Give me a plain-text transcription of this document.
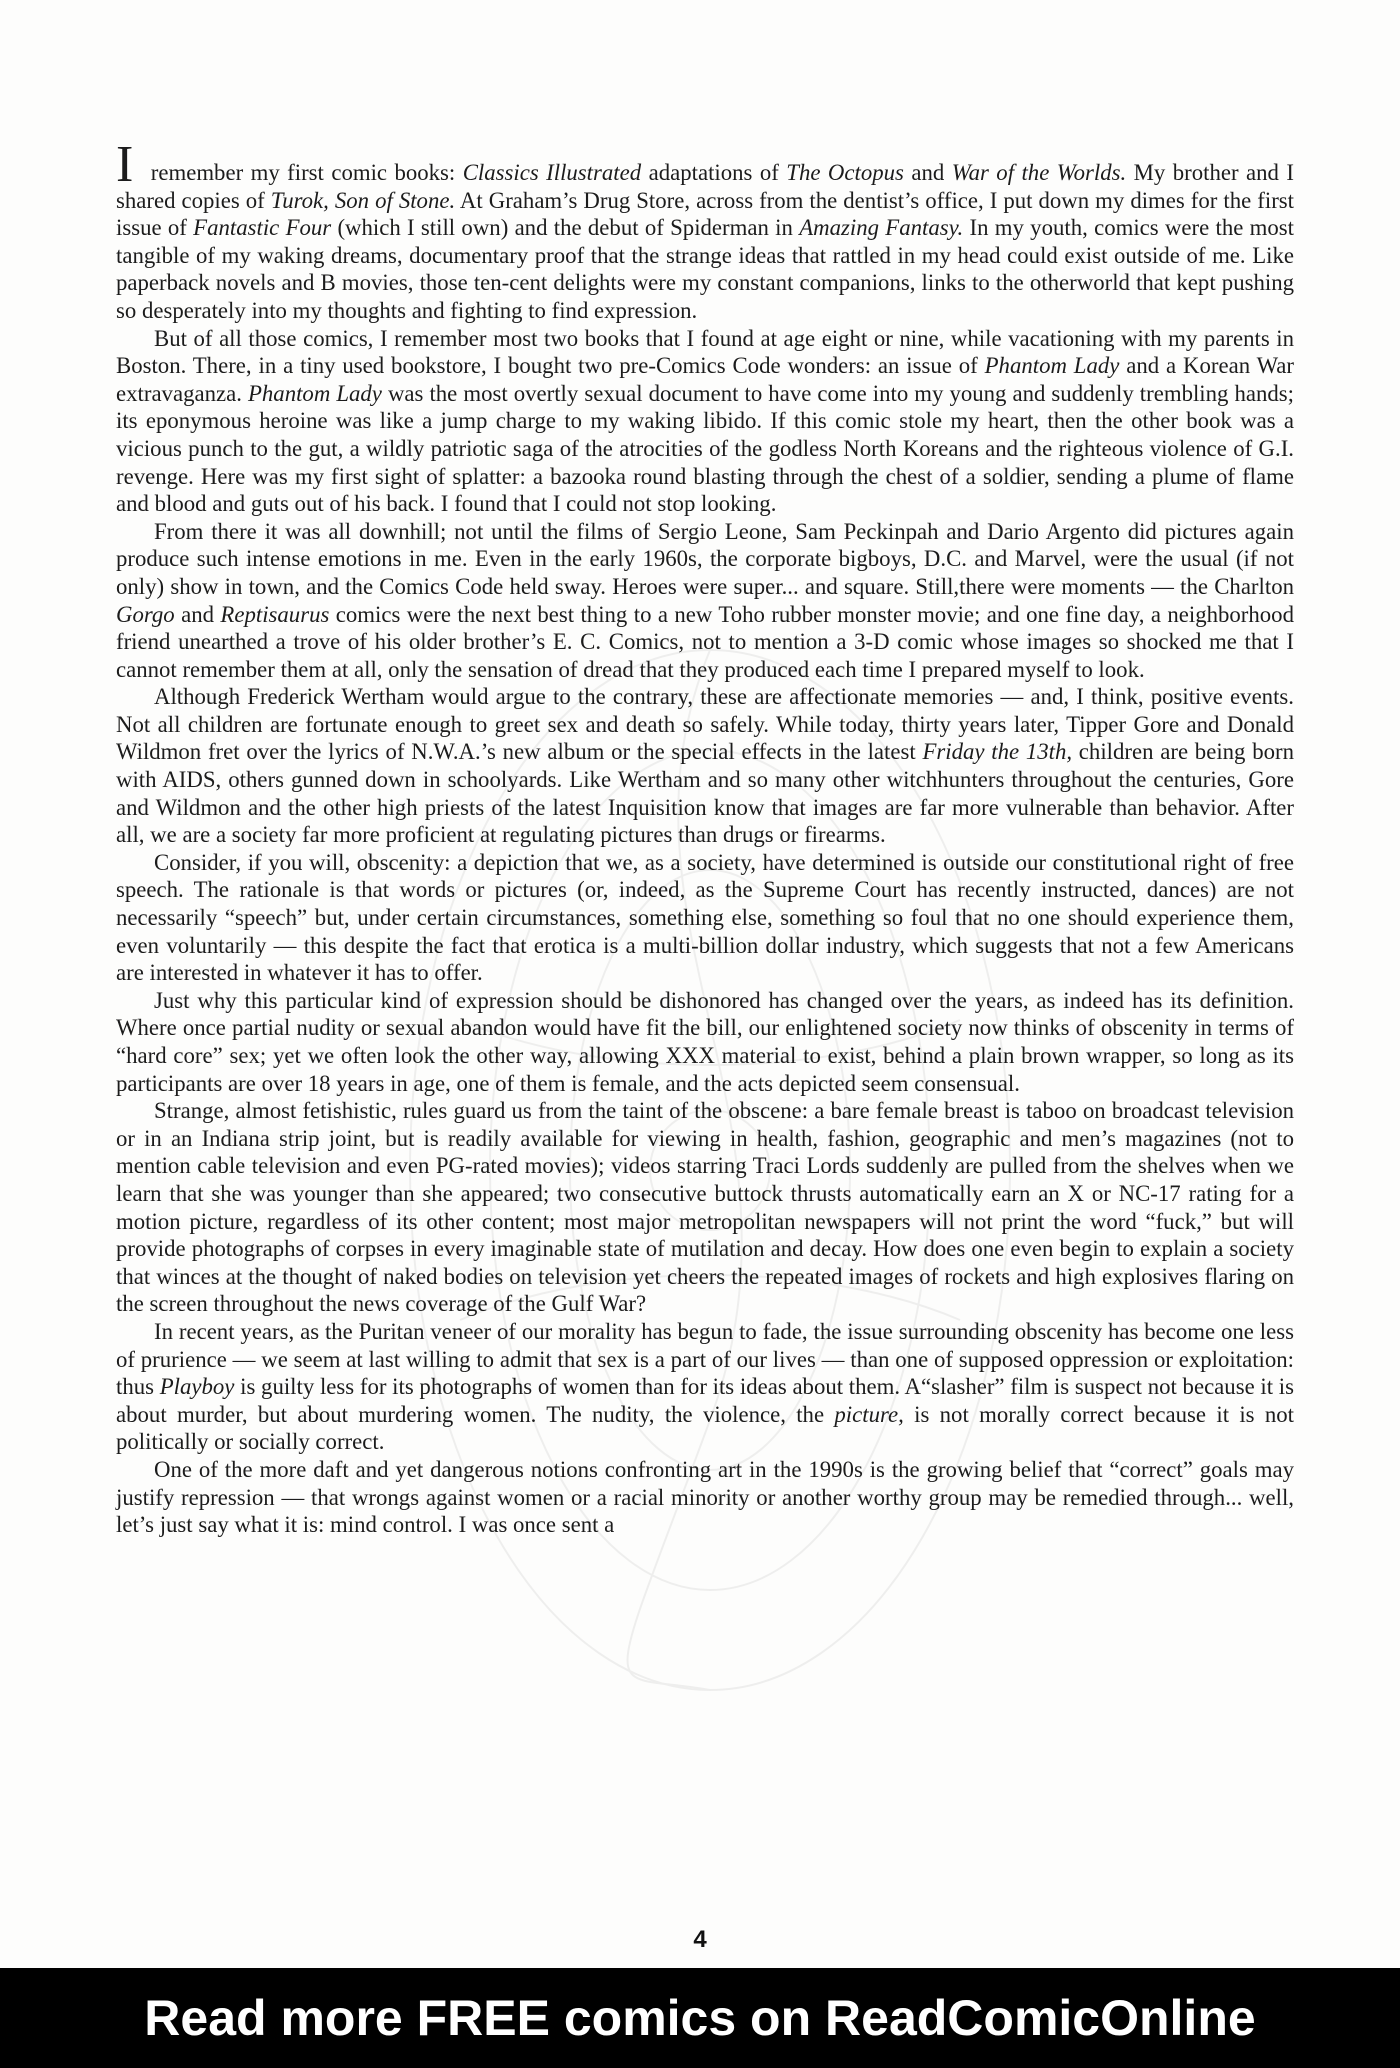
I remember my first comic books: Classics Illustrated adaptations of The Octopus and War of the Worlds. My brother and I shared copies of Turok, Son of Stone. At Graham’s Drug Store, across from the dentist’s office, I put down my dimes for the first issue of Fantastic Four (which I still own) and the debut of Spiderman in Amazing Fantasy. In my youth, comics were the most tangible of my waking dreams, documentary proof that the strange ideas that rattled in my head could exist outside of me. Like paperback novels and B movies, those ten-cent delights were my constant companions, links to the otherworld that kept pushing so desperately into my thoughts and fighting to find expression.

But of all those comics, I remember most two books that I found at age eight or nine, while vacationing with my parents in Boston. There, in a tiny used bookstore, I bought two pre-Comics Code wonders: an issue of Phantom Lady and a Korean War extravaganza. Phantom Lady was the most overtly sexual document to have come into my young and suddenly trembling hands; its eponymous heroine was like a jump charge to my waking libido. If this comic stole my heart, then the other book was a vicious punch to the gut, a wildly patriotic saga of the atrocities of the godless North Koreans and the righteous violence of G.I. revenge. Here was my first sight of splatter: a bazooka round blasting through the chest of a soldier, sending a plume of flame and blood and guts out of his back. I found that I could not stop looking.

From there it was all downhill; not until the films of Sergio Leone, Sam Peckinpah and Dario Argento did pictures again produce such intense emotions in me. Even in the early 1960s, the corporate bigboys, D.C. and Marvel, were the usual (if not only) show in town, and the Comics Code held sway. Heroes were super... and square. Still,there were moments — the Charlton Gorgo and Reptisaurus comics were the next best thing to a new Toho rubber monster movie; and one fine day, a neighborhood friend unearthed a trove of his older brother’s E. C. Comics, not to mention a 3-D comic whose images so shocked me that I cannot remember them at all, only the sensation of dread that they produced each time I prepared myself to look.

Although Frederick Wertham would argue to the contrary, these are affectionate memories — and, I think, positive events. Not all children are fortunate enough to greet sex and death so safely. While today, thirty years later, Tipper Gore and Donald Wildmon fret over the lyrics of N.W.A.’s new album or the special effects in the latest Friday the 13th, children are being born with AIDS, others gunned down in schoolyards. Like Wertham and so many other witchhunters throughout the centuries, Gore and Wildmon and the other high priests of the latest Inquisition know that images are far more vulnerable than behavior. After all, we are a society far more proficient at regulating pictures than drugs or firearms.

Consider, if you will, obscenity: a depiction that we, as a society, have determined is outside our constitutional right of free speech. The rationale is that words or pictures (or, indeed, as the Supreme Court has recently instructed, dances) are not necessarily “speech” but, under certain circumstances, something else, something so foul that no one should experience them, even voluntarily — this despite the fact that erotica is a multi-billion dollar industry, which suggests that not a few Americans are interested in whatever it has to offer.

Just why this particular kind of expression should be dishonored has changed over the years, as indeed has its definition. Where once partial nudity or sexual abandon would have fit the bill, our enlightened society now thinks of obscenity in terms of “hard core” sex; yet we often look the other way, allowing XXX material to exist, behind a plain brown wrapper, so long as its participants are over 18 years in age, one of them is female, and the acts depicted seem consensual.

Strange, almost fetishistic, rules guard us from the taint of the obscene: a bare female breast is taboo on broadcast television or in an Indiana strip joint, but is readily available for viewing in health, fashion, geographic and men’s magazines (not to mention cable television and even PG-rated movies); videos starring Traci Lords suddenly are pulled from the shelves when we learn that she was younger than she appeared; two consecutive buttock thrusts automatically earn an X or NC-17 rating for a motion picture, regardless of its other content; most major metropolitan newspapers will not print the word “fuck,” but will provide photographs of corpses in every imaginable state of mutilation and decay. How does one even begin to explain a society that winces at the thought of naked bodies on television yet cheers the repeated images of rockets and high explosives flaring on the screen throughout the news coverage of the Gulf War?

In recent years, as the Puritan veneer of our morality has begun to fade, the issue surrounding obscenity has become one less of prurience — we seem at last willing to admit that sex is a part of our lives — than one of supposed oppression or exploitation: thus Playboy is guilty less for its photographs of women than for its ideas about them. A“slasher” film is suspect not because it is about murder, but about murdering women. The nudity, the violence, the picture, is not morally correct because it is not politically or socially correct.

One of the more daft and yet dangerous notions confronting art in the 1990s is the growing belief that “correct” goals may justify repression — that wrongs against women or a racial minority or another worthy group may be remedied through... well, let’s just say what it is: mind control. I was once sent a

4
Read more FREE comics on ReadComicOnline
